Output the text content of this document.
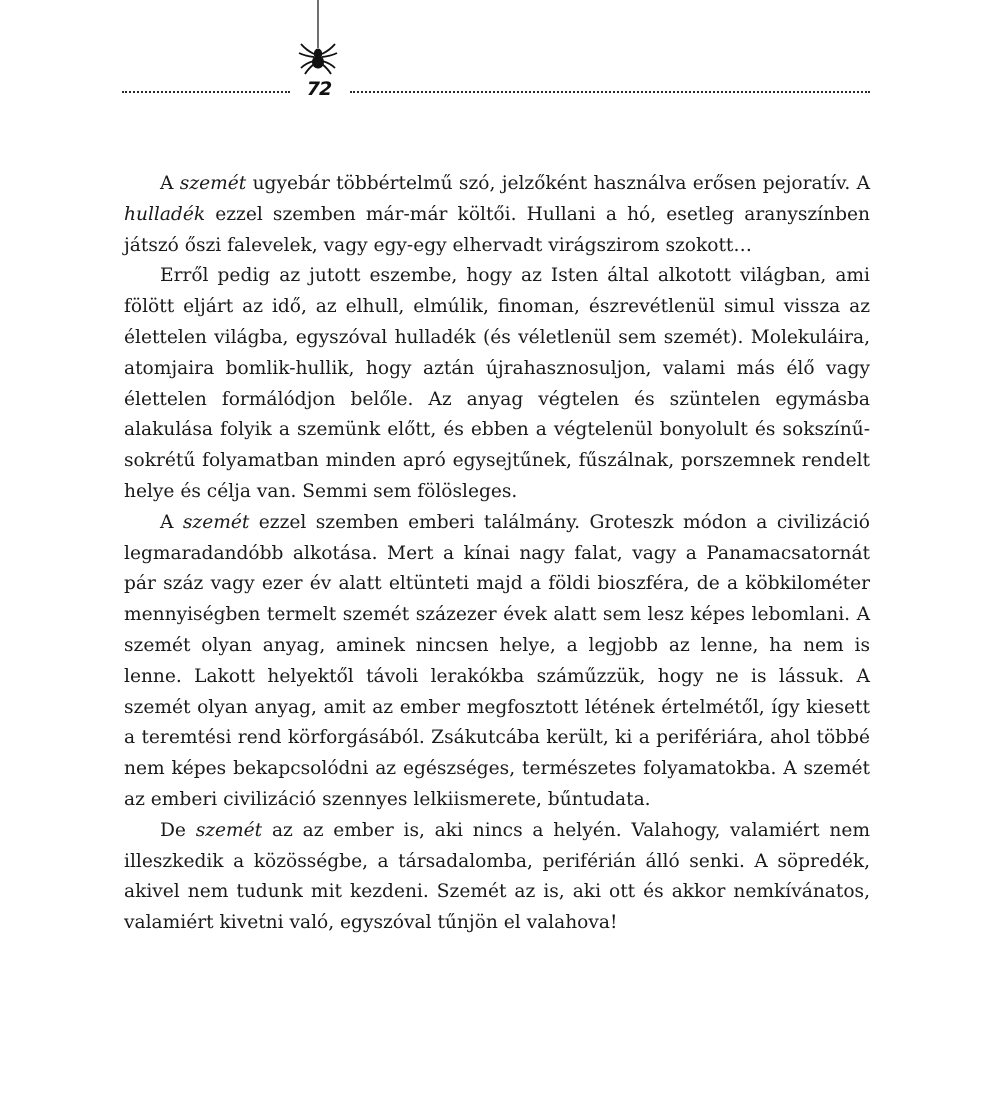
72

A szemét ugyebár többértelmű szó, jelzőként használva erősen pejoratív. A hulladék ezzel szemben már-már költői. Hullani a hó, esetleg aranyszínben játszó őszi falevelek, vagy egy-egy elhervadt virágszirom szokott…

Erről pedig az jutott eszembe, hogy az Isten által alkotott világban, ami fölött eljárt az idő, az elhull, elmúlik, finoman, észrevétlenül simul vissza az élettelen világba, egyszóval hulladék (és véletlenül sem szemét). Molekuláira, atomjaira bomlik-hullik, hogy aztán újrahasznosuljon, valami más élő vagy élettelen formálódjon belőle. Az anyag végtelen és szüntelen egymásba alakulása folyik a szemünk előtt, és ebben a végtelenül bonyolult és sokszínű-sokrétű folyamatban minden apró egysejtűnek, fűszálnak, porszemnek rendelt helye és célja van. Semmi sem fölösleges.

A szemét ezzel szemben emberi találmány. Groteszk módon a civilizáció legmaradandóbb alkotása. Mert a kínai nagy falat, vagy a Panamacsatornát pár száz vagy ezer év alatt eltünteti majd a földi bioszféra, de a köbkilométer mennyiségben termelt szemét százezer évek alatt sem lesz képes lebomlani. A szemét olyan anyag, aminek nincsen helye, a legjobb az lenne, ha nem is lenne. Lakott helyektől távoli lerakókba száműzzük, hogy ne is lássuk. A szemét olyan anyag, amit az ember megfosztott létének értelmétől, így kiesett a teremtési rend körforgásából. Zsákutcába került, ki a perifériára, ahol többé nem képes bekapcsolódni az egészséges, természetes folyamatokba. A szemét az emberi civilizáció szennyes lelkiismerete, bűntudata.

De szemét az az ember is, aki nincs a helyén. Valahogy, valamiért nem illeszkedik a közösségbe, a társadalomba, periférián álló senki. A söpredék, akivel nem tudunk mit kezdeni. Szemét az is, aki ott és akkor nemkívánatos, valamiért kivetni való, egyszóval tűnjön el valahova!
